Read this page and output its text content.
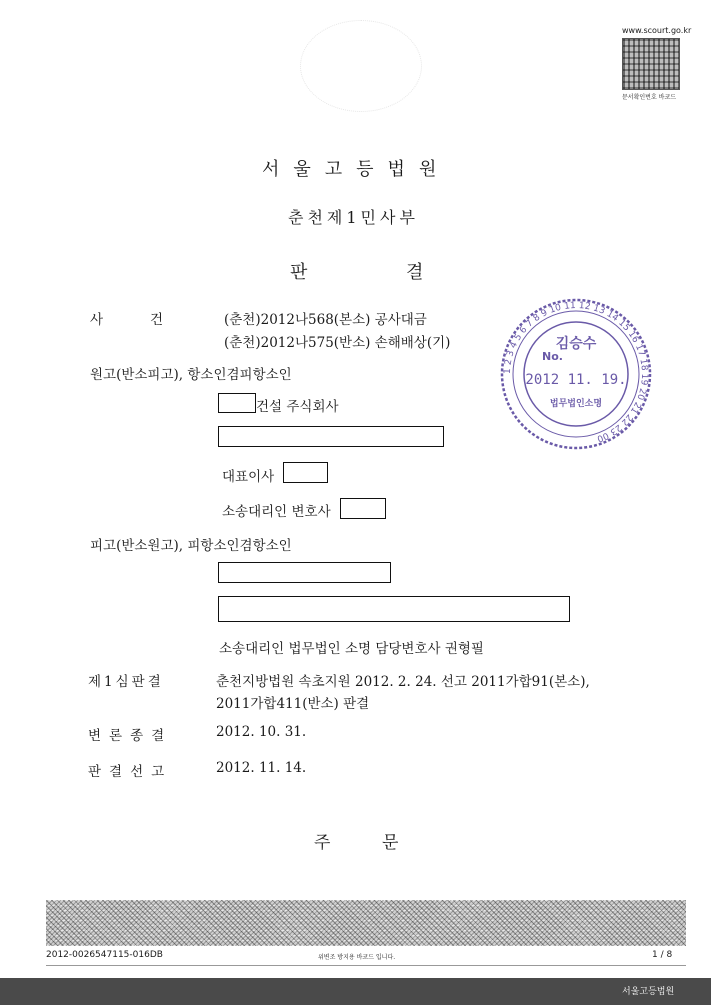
www.scourt.go.kr
문서확인번호 바코드
서울고등법원
춘천제1민사부
판	결
사	건	(춘천)2012나568(본소) 공사대금
(춘천)2012나575(반소) 손해배상(기)
원고(반소피고), 항소인겸피항소인
건설 주식회사
대표이사
소송대리인 변호사
피고(반소원고), 피항소인겸항소인
소송대리인 법무법인 소명 담당변호사 권형필
제1심판결	춘천지방법원 속초지원 2012. 2. 24. 선고 2011가합91(본소),
2011가합411(반소) 판결
변론종결	2012. 10. 31.
판결선고	2012. 11. 14.
주	문
김승수
No.
2012 11. 19.
법무법인소명
1 2 3 4 5 6 7 8 9 10 11 12 13 14 15 16 17 18 19 20 21 22 23 00
2012-0026547115-016DB	위변조 방지용 바코드 입니다.	1 / 8
서울고등법원
